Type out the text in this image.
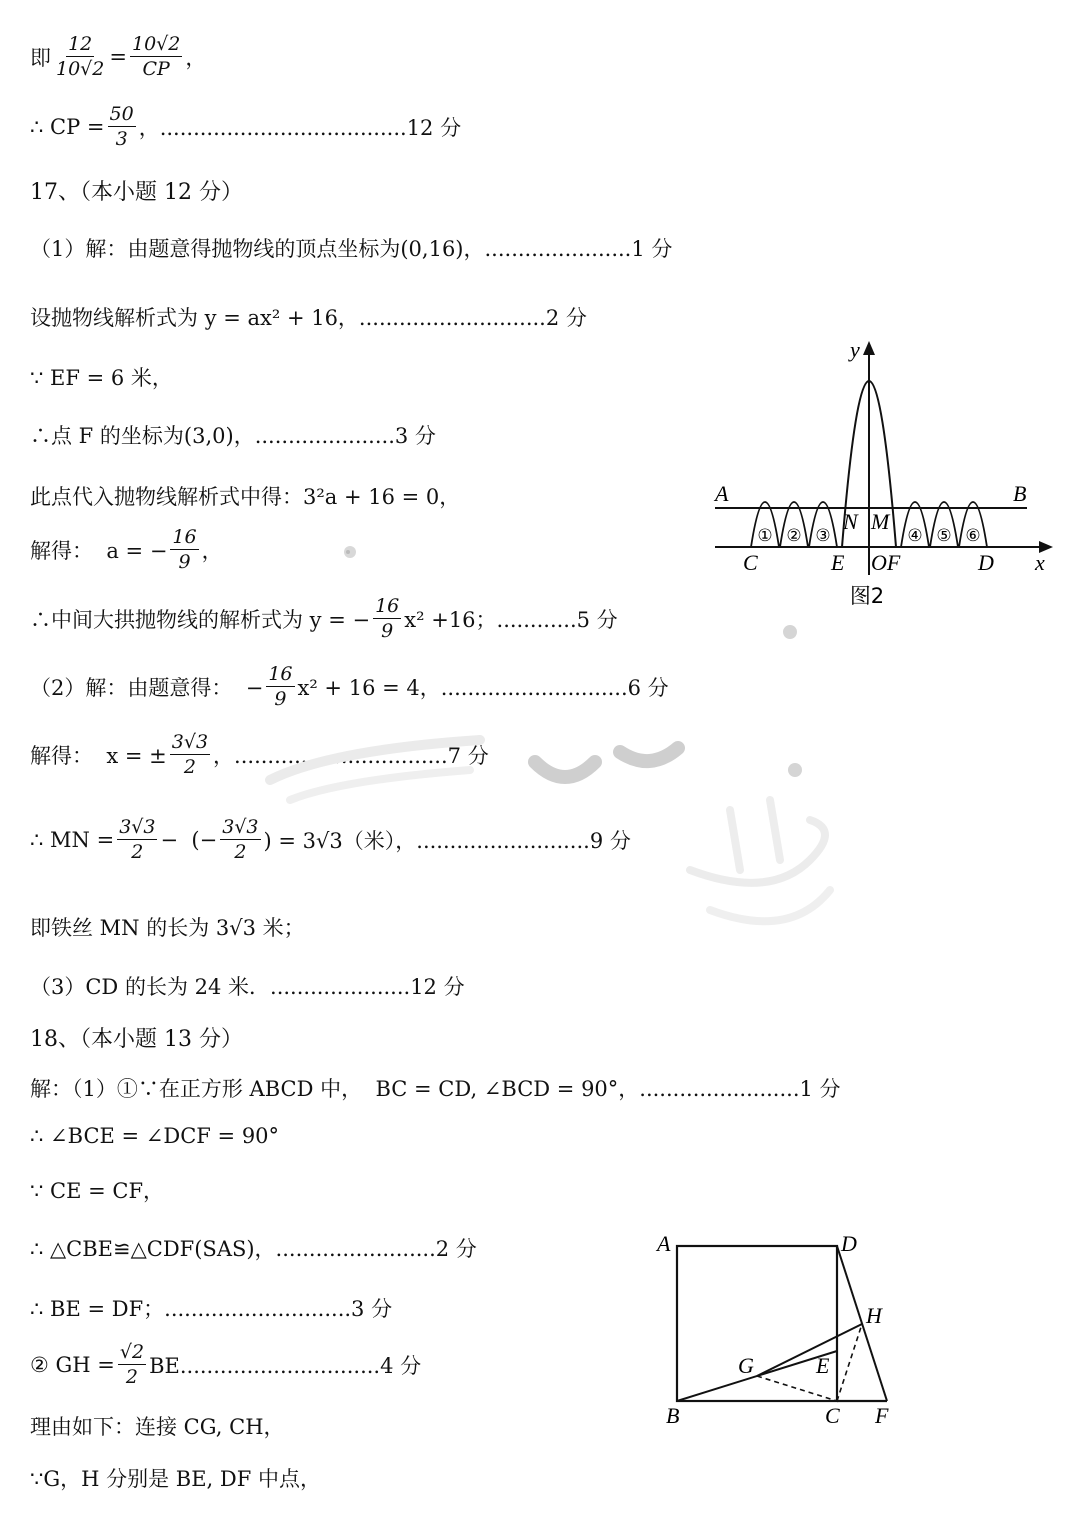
即 $\frac{12}{10√2} = \frac{10√2}{CP}$ ，
∴ CP = $\frac{50}{3}$ ，.....................................12 分
17、（本小题 12 分）
（1）解：由题意得抛物线的顶点坐标为(0,16)，......................1 分
设抛物线解析式为 y = ax² + 16，............................2 分
∵ EF = 6 米，
∴点 F 的坐标为(3,0)，.....................3 分
此点代入抛物线解析式中得：3²a + 16 = 0，
解得：  a = − $\frac{16}{9}$ ，
∴中间大拱抛物线的解析式为 y = − $\frac{16}{9} x^2 +16$；............5 分
（2）解：由题意得：  − $\frac{16}{9} x^2 + 16 = 4$，............................6 分
解得：  x = ± $\frac{3√3}{2}$ ，................................7 分
∴ MN = $\frac{3√3}{2}$ −  (− $\frac{3√3}{2}$ ) = 3√3（米），..........................9 分
即铁丝 MN 的长为 3√3 米；
（3）CD 的长为 24 米．.....................12 分
18、（本小题 13 分）
解：（1）①∵在正方形 ABCD 中，  BC = CD, ∠BCD = 90°，........................1 分
∴ ∠BCE = ∠DCF = 90°
∵ CE = CF，
∴ △CBE≌△CDF(SAS)，........................2 分
∴ BE = DF；............................3 分
② GH = $\frac{√2}{2} BE..............................4$ 分
理由如下：连接 CG, CH，
∵G，H 分别是 BE, DF 中点，
① ② ③	④ ⑤ ⑥
y
x
A	B
N M
C	E OF	D
图2
A	D
H
G	E
B	C F
